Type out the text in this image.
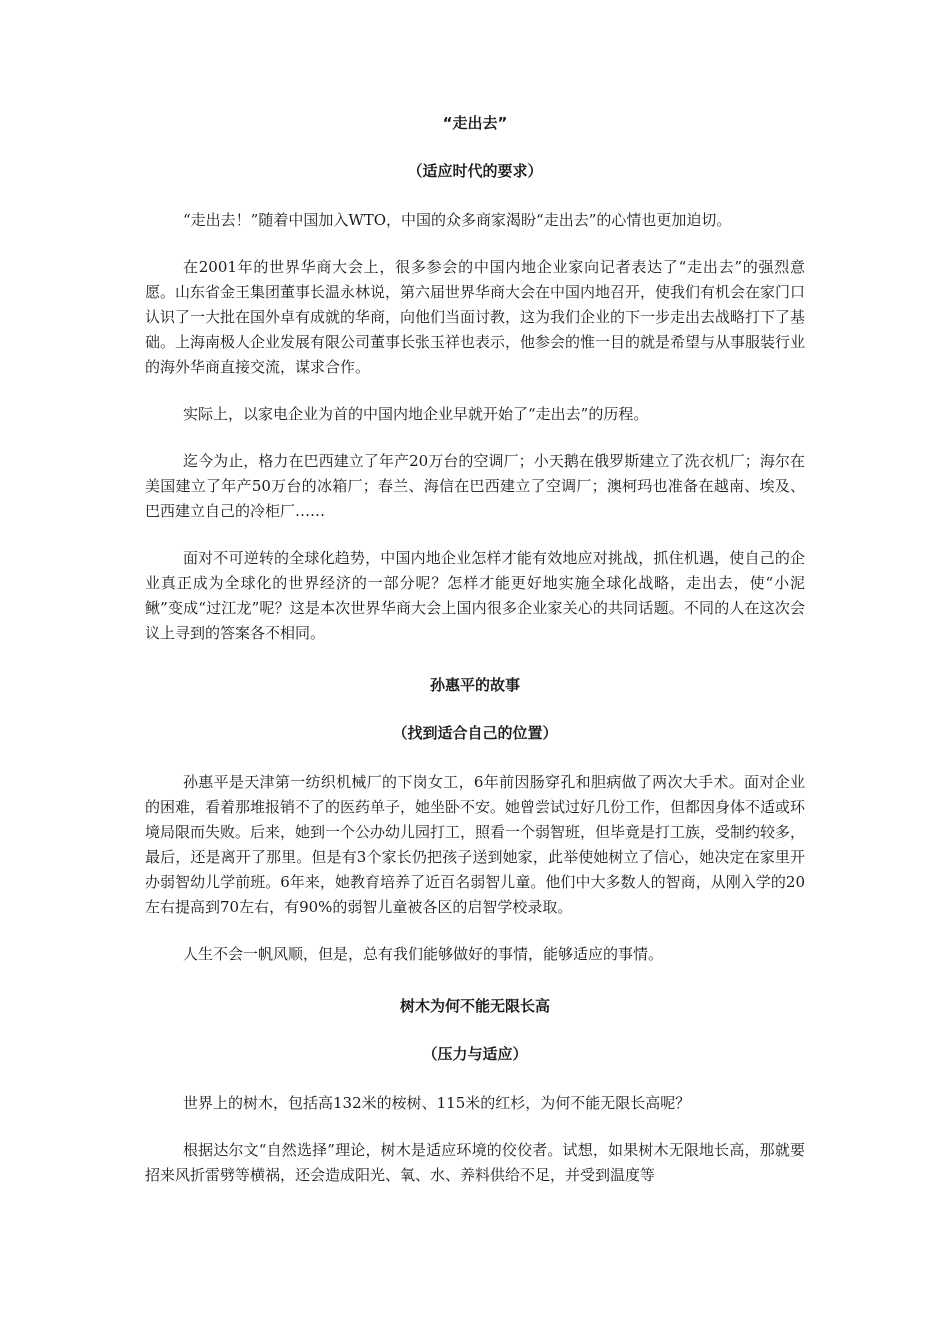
“走出去”
（适应时代的要求）

“走出去！”随着中国加入WTO，中国的众多商家渴盼“走出去”的心情也更加迫切。

在2001年的世界华商大会上，很多参会的中国内地企业家向记者表达了“走出去”的强烈意愿。山东省金王集团董事长温永林说，第六届世界华商大会在中国内地召开，使我们有机会在家门口认识了一大批在国外卓有成就的华商，向他们当面讨教，这为我们企业的下一步走出去战略打下了基础。上海南极人企业发展有限公司董事长张玉祥也表示，他参会的惟一目的就是希望与从事服装行业的海外华商直接交流，谋求合作。

实际上，以家电企业为首的中国内地企业早就开始了“走出去”的历程。

迄今为止，格力在巴西建立了年产20万台的空调厂；小天鹅在俄罗斯建立了洗衣机厂；海尔在美国建立了年产50万台的冰箱厂；春兰、海信在巴西建立了空调厂；澳柯玛也准备在越南、埃及、巴西建立自己的冷柜厂……

面对不可逆转的全球化趋势，中国内地企业怎样才能有效地应对挑战，抓住机遇，使自己的企业真正成为全球化的世界经济的一部分呢？怎样才能更好地实施全球化战略，走出去，使“小泥鳅”变成“过江龙”呢？这是本次世界华商大会上国内很多企业家关心的共同话题。不同的人在这次会议上寻到的答案各不相同。

孙惠平的故事
（找到适合自己的位置）

孙惠平是天津第一纺织机械厂的下岗女工，6年前因肠穿孔和胆病做了两次大手术。面对企业的困难，看着那堆报销不了的医药单子，她坐卧不安。她曾尝试过好几份工作，但都因身体不适或环境局限而失败。后来，她到一个公办幼儿园打工，照看一个弱智班，但毕竟是打工族，受制约较多，最后，还是离开了那里。但是有3个家长仍把孩子送到她家，此举使她树立了信心，她决定在家里开办弱智幼儿学前班。6年来，她教育培养了近百名弱智儿童。他们中大多数人的智商，从刚入学的20左右提高到70左右，有90%的弱智儿童被各区的启智学校录取。

人生不会一帆风顺，但是，总有我们能够做好的事情，能够适应的事情。

树木为何不能无限长高
（压力与适应）

世界上的树木，包括高132米的桉树、115米的红杉，为何不能无限长高呢？

根据达尔文“自然选择”理论，树木是适应环境的佼佼者。试想，如果树木无限地长高，那就要招来风折雷劈等横祸，还会造成阳光、氧、水、养料供给不足，并受到温度等
